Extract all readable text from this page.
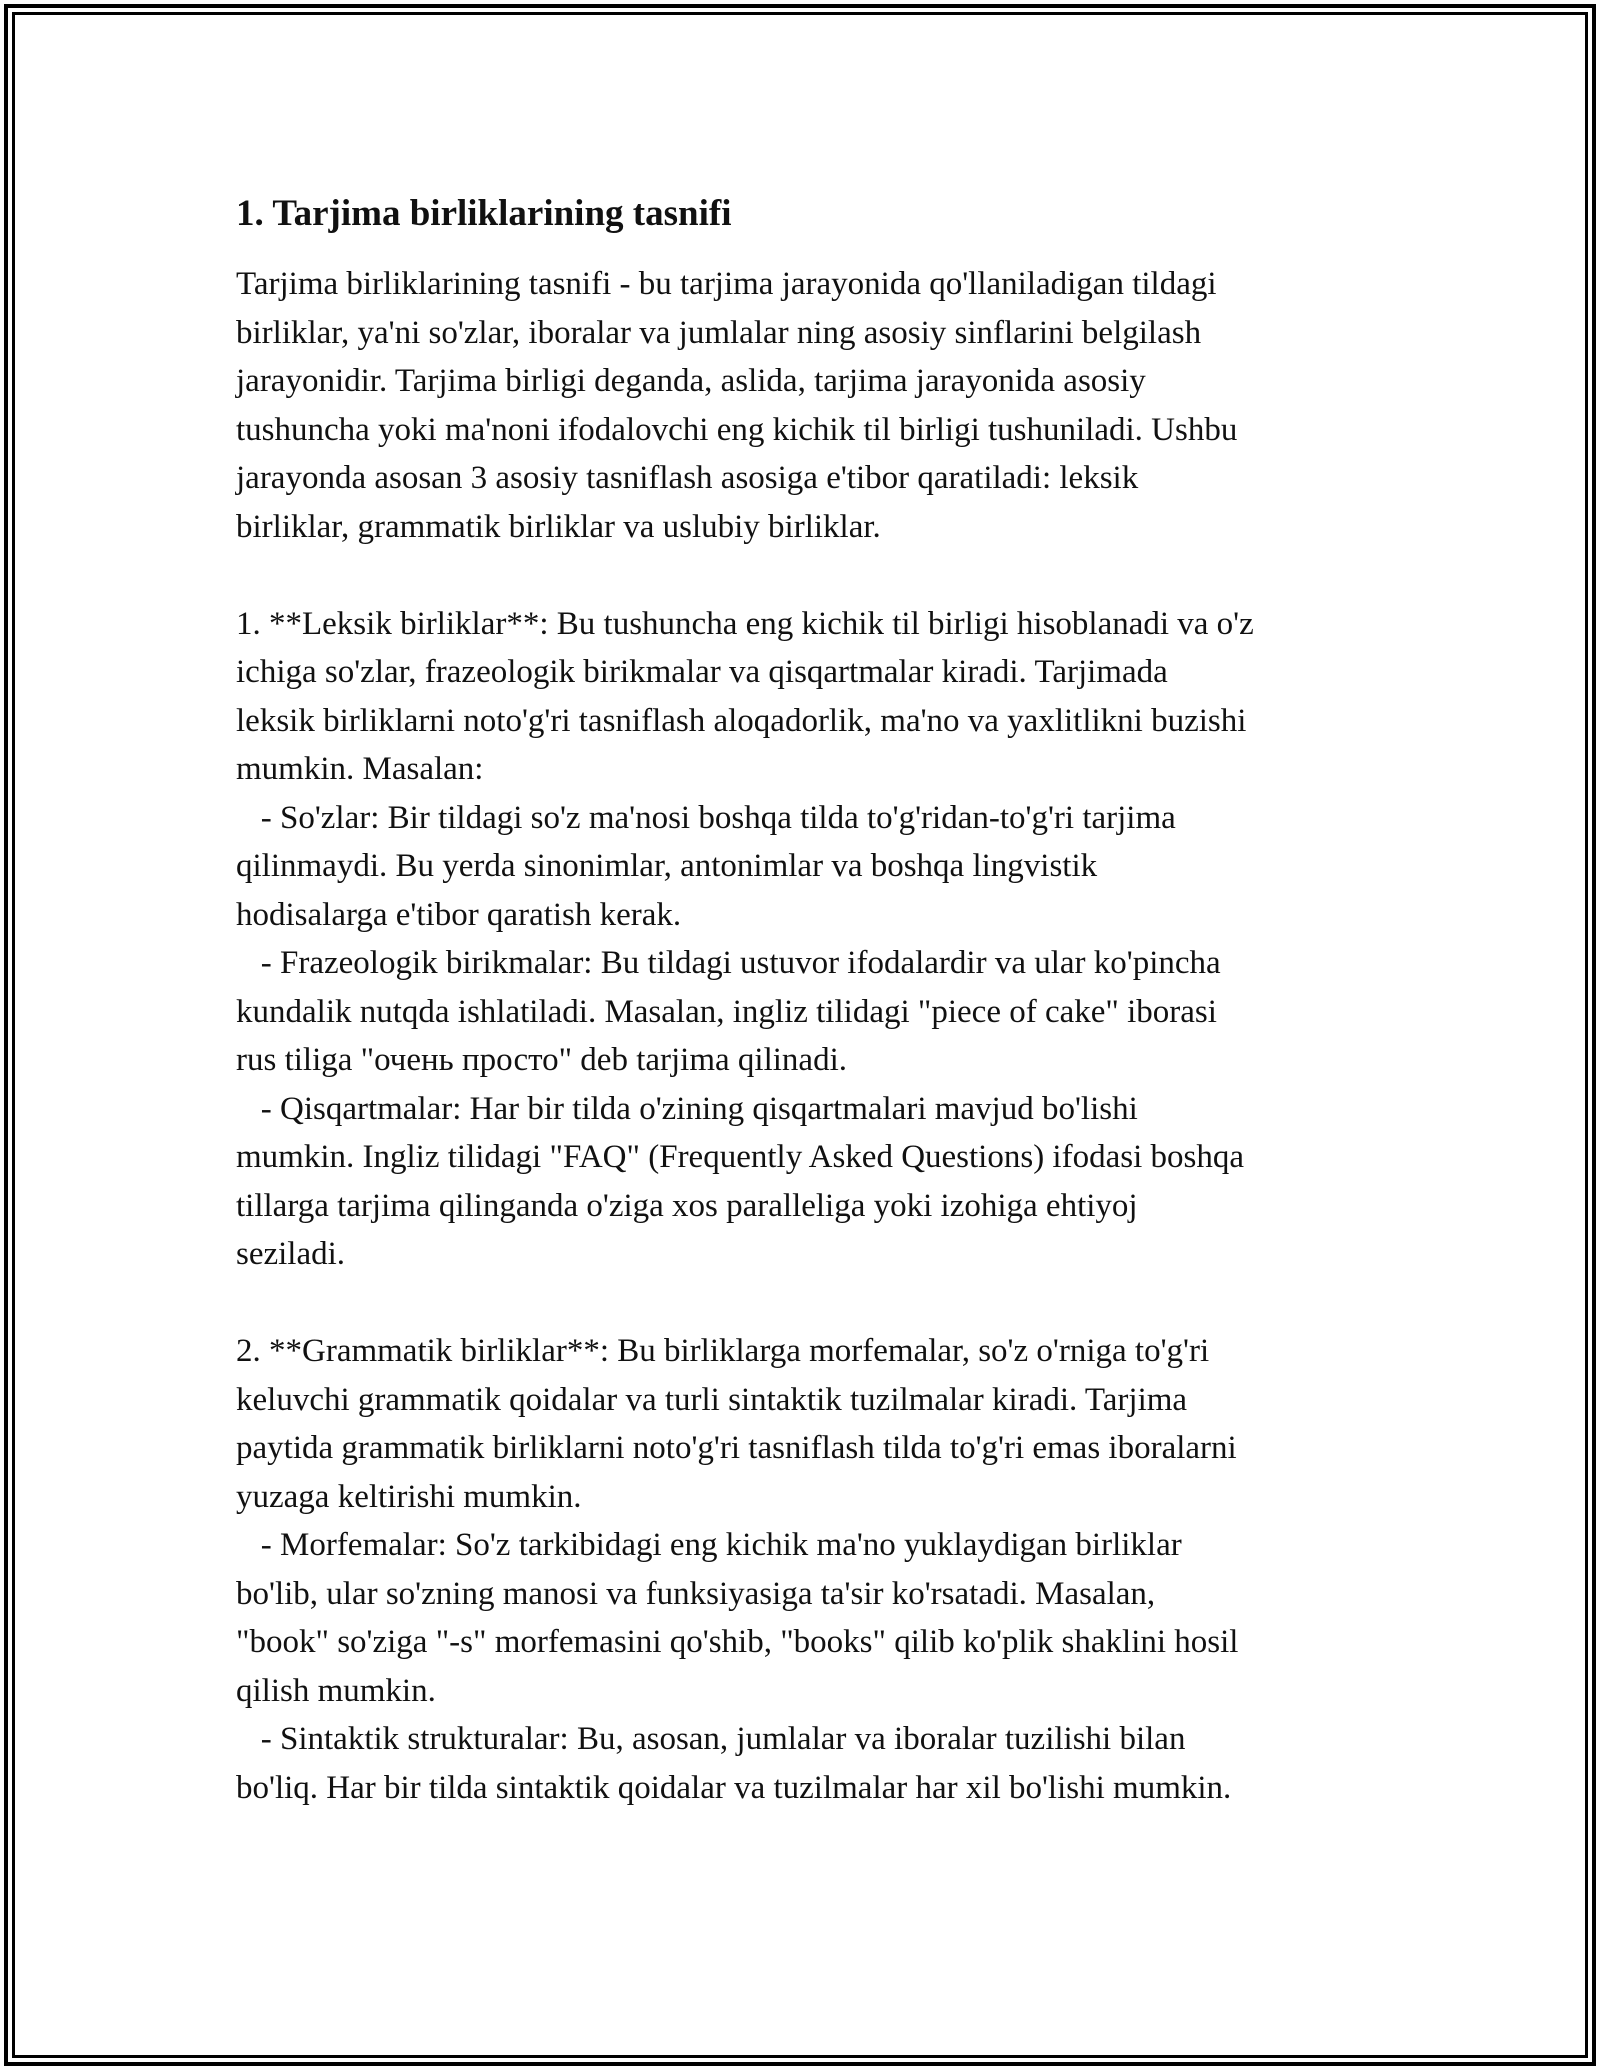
1. Tarjima birliklarining tasnifi
Tarjima birliklarining tasnifi - bu tarjima jarayonida qo'llaniladigan tildagi
birliklar, ya'ni so'zlar, iboralar va jumlalar ning asosiy sinflarini belgilash
jarayonidir. Tarjima birligi deganda, aslida, tarjima jarayonida asosiy
tushuncha yoki ma'noni ifodalovchi eng kichik til birligi tushuniladi. Ushbu
jarayonda asosan 3 asosiy tasniflash asosiga e'tibor qaratiladi: leksik
birliklar, grammatik birliklar va uslubiy birliklar.
1. **Leksik birliklar**: Bu tushuncha eng kichik til birligi hisoblanadi va o'z
ichiga so'zlar, frazeologik birikmalar va qisqartmalar kiradi. Tarjimada
leksik birliklarni noto'g'ri tasniflash aloqadorlik, ma'no va yaxlitlikni buzishi
mumkin. Masalan:
- So'zlar: Bir tildagi so'z ma'nosi boshqa tilda to'g'ridan-to'g'ri tarjima
qilinmaydi. Bu yerda sinonimlar, antonimlar va boshqa lingvistik
hodisalarga e'tibor qaratish kerak.
- Frazeologik birikmalar: Bu tildagi ustuvor ifodalardir va ular ko'pincha
kundalik nutqda ishlatiladi. Masalan, ingliz tilidagi "piece of cake" iborasi
rus tiliga "очень просто" deb tarjima qilinadi.
- Qisqartmalar: Har bir tilda o'zining qisqartmalari mavjud bo'lishi
mumkin. Ingliz tilidagi "FAQ" (Frequently Asked Questions) ifodasi boshqa
tillarga tarjima qilinganda o'ziga xos paralleliga yoki izohiga ehtiyoj
seziladi.
2. **Grammatik birliklar**: Bu birliklarga morfemalar, so'z o'rniga to'g'ri
keluvchi grammatik qoidalar va turli sintaktik tuzilmalar kiradi. Tarjima
paytida grammatik birliklarni noto'g'ri tasniflash tilda to'g'ri emas iboralarni
yuzaga keltirishi mumkin.
- Morfemalar: So'z tarkibidagi eng kichik ma'no yuklaydigan birliklar
bo'lib, ular so'zning manosi va funksiyasiga ta'sir ko'rsatadi. Masalan,
"book" so'ziga "-s" morfemasini qo'shib, "books" qilib ko'plik shaklini hosil
qilish mumkin.
- Sintaktik strukturalar: Bu, asosan, jumlalar va iboralar tuzilishi bilan
bo'liq. Har bir tilda sintaktik qoidalar va tuzilmalar har xil bo'lishi mumkin.
